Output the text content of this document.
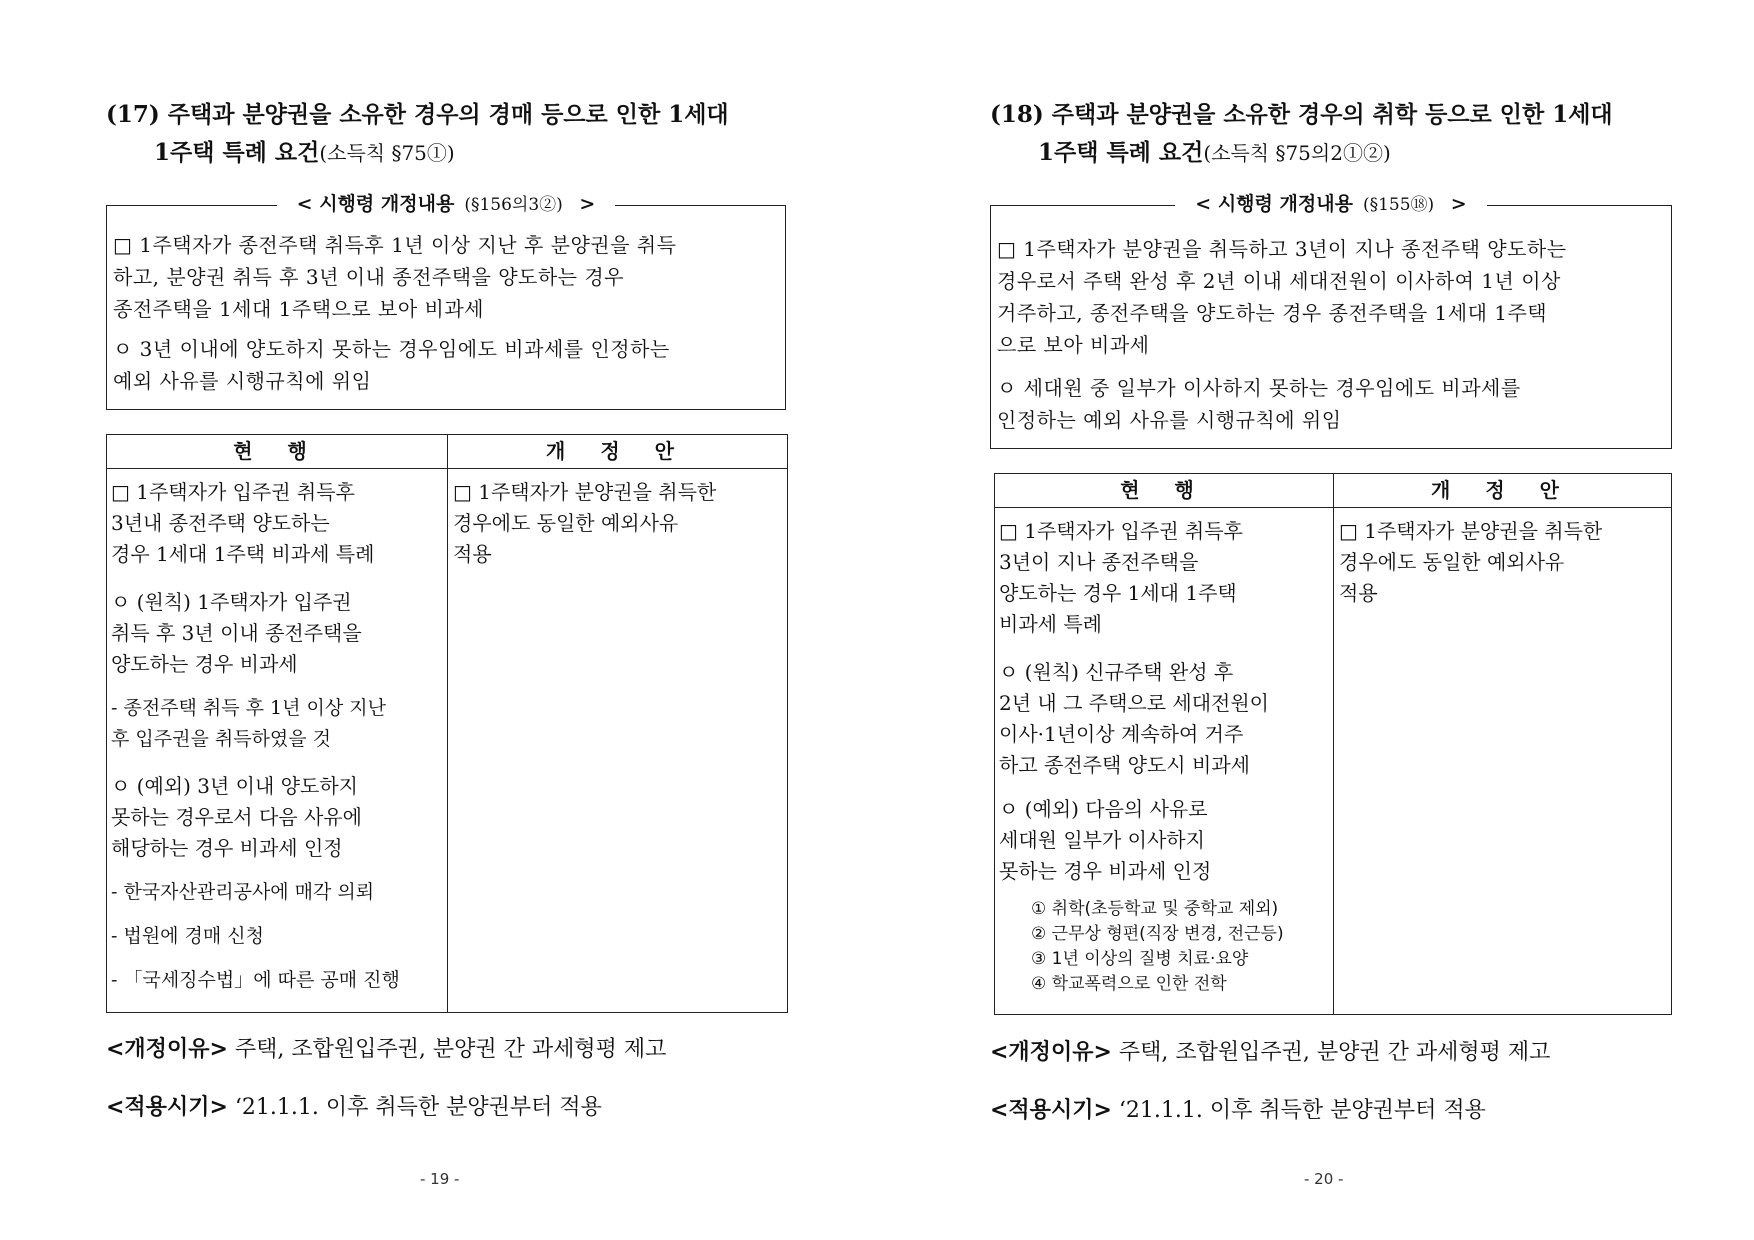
(17) 주택과 분양권을 소유한 경우의 경매 등으로 인한 1세대
1주택 특례 요건(소득칙 §75①)
< 시행령 개정내용 (§156의3②) >
□ 1주택자가 종전주택 취득후 1년 이상 지난 후 분양권을 취득
하고, 분양권 취득 후 3년 이내 종전주택을 양도하는 경우
종전주택을 1세대 1주택으로 보아 비과세
ㅇ 3년 이내에 양도하지 못하는 경우임에도 비과세를 인정하는
예외 사유를 시행규칙에 위임
현 행	개 정 안
□ 1주택자가 입주권 취득후
3년내 종전주택 양도하는
경우 1세대 1주택 비과세 특례
ㅇ (원칙) 1주택자가 입주권
취득 후 3년 이내 종전주택을
양도하는 경우 비과세
- 종전주택 취득 후 1년 이상 지난
후 입주권을 취득하였을 것
ㅇ (예외) 3년 이내 양도하지
못하는 경우로서 다음 사유에
해당하는 경우 비과세 인정
- 한국자산관리공사에 매각 의뢰
- 법원에 경매 신청
- 「국세징수법」에 따른 공매 진행
□ 1주택자가 분양권을 취득한
경우에도 동일한 예외사유
적용
<개정이유> 주택, 조합원입주권, 분양권 간 과세형평 제고
<적용시기> ‘21.1.1. 이후 취득한 분양권부터 적용
- 19 -
(18) 주택과 분양권을 소유한 경우의 취학 등으로 인한 1세대
1주택 특례 요건(소득칙 §75의2①②)
< 시행령 개정내용 (§155⑱) >
□ 1주택자가 분양권을 취득하고 3년이 지나 종전주택 양도하는
경우로서 주택 완성 후 2년 이내 세대전원이 이사하여 1년 이상
거주하고, 종전주택을 양도하는 경우 종전주택을 1세대 1주택
으로 보아 비과세
ㅇ 세대원 중 일부가 이사하지 못하는 경우임에도 비과세를
인정하는 예외 사유를 시행규칙에 위임
현 행	개 정 안
□ 1주택자가 입주권 취득후
3년이 지나 종전주택을
양도하는 경우 1세대 1주택
비과세 특례
ㅇ (원칙) 신규주택 완성 후
2년 내 그 주택으로 세대전원이
이사·1년이상 계속하여 거주
하고 종전주택 양도시 비과세
ㅇ (예외) 다음의 사유로
세대원 일부가 이사하지
못하는 경우 비과세 인정
① 취학(초등학교 및 중학교 제외)
② 근무상 형편(직장 변경, 전근등)
③ 1년 이상의 질병 치료·요양
④ 학교폭력으로 인한 전학
□ 1주택자가 분양권을 취득한
경우에도 동일한 예외사유
적용
<개정이유> 주택, 조합원입주권, 분양권 간 과세형평 제고
<적용시기> ‘21.1.1. 이후 취득한 분양권부터 적용
- 20 -
